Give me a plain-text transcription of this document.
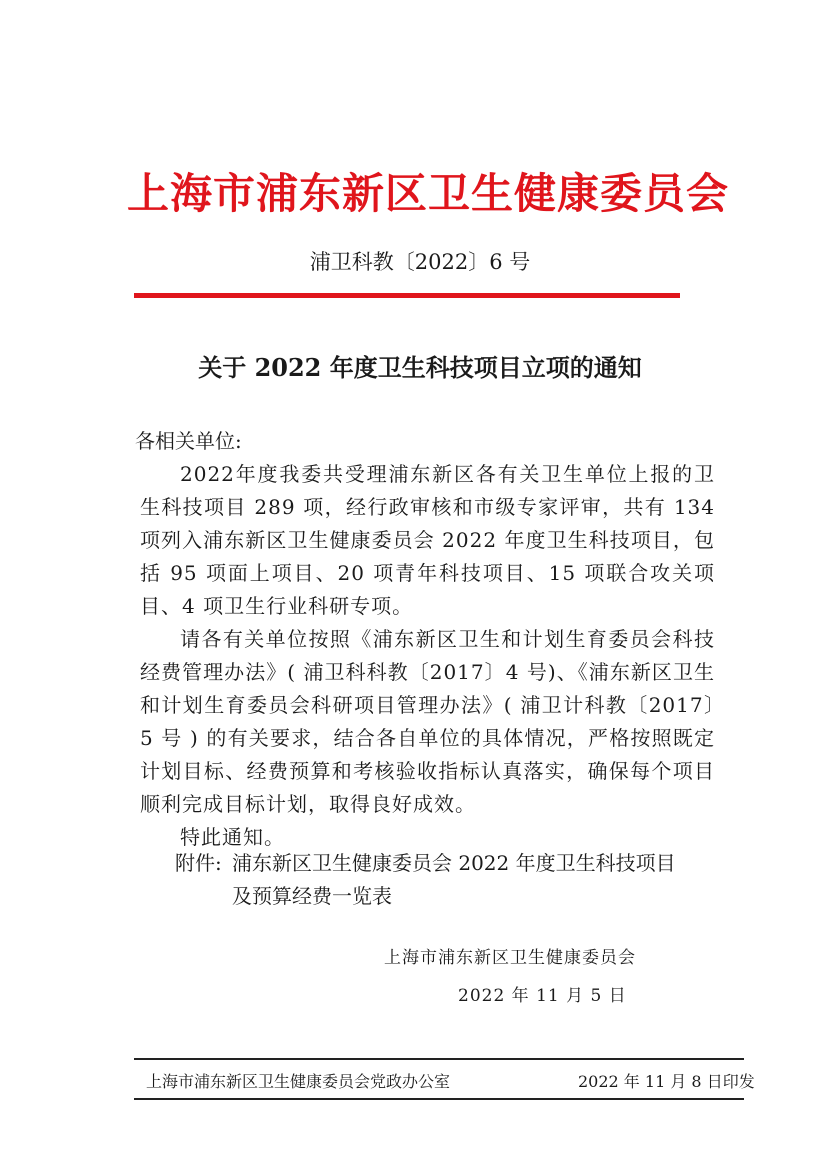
上海市浦东新区卫生健康委员会
浦卫科教〔2022〕6 号
关于 2022 年度卫生科技项目立项的通知
各相关单位:

2022年度我委共受理浦东新区各有关卫生单位上报的卫生科技项目 289 项，经行政审核和市级专家评审，共有 134 项列入浦东新区卫生健康委员会 2022 年度卫生科技项目，包括 95 项面上项目、20 项青年科技项目、15 项联合攻关项目、4 项卫生行业科研专项。

请各有关单位按照《浦东新区卫生和计划生育委员会科技经费管理办法》( 浦卫科科教〔2017〕4 号)、《浦东新区卫生和计划生育委员会科研项目管理办法》( 浦卫计科教〔2017〕5 号 ) 的有关要求，结合各自单位的具体情况，严格按照既定计划目标、经费预算和考核验收指标认真落实，确保每个项目顺利完成目标计划，取得良好成效。

特此通知。

附件: 浦东新区卫生健康委员会 2022 年度卫生科技项目及预算经费一览表
上海市浦东新区卫生健康委员会
2022 年 11 月 5 日
上海市浦东新区卫生健康委员会党政办公室	2022 年 11 月 8 日印发
